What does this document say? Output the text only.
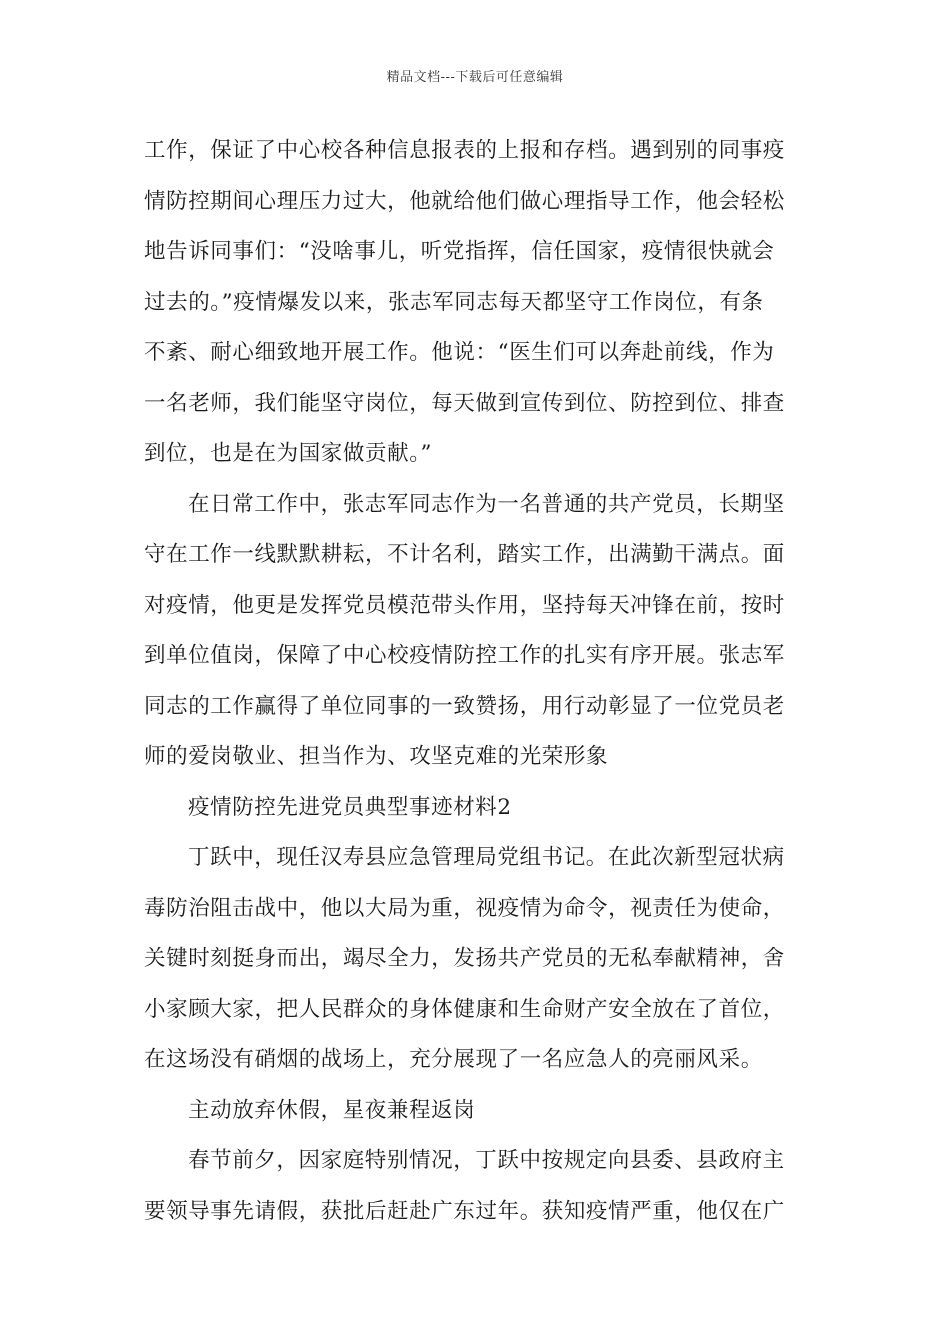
精品文档---下载后可任意编辑
工作，保证了中心校各种信息报表的上报和存档。遇到别的同事疫
情防控期间心理压力过大，他就给他们做心理指导工作，他会轻松
地告诉同事们：“没啥事儿，听党指挥，信任国家，疫情很快就会
过去的。”疫情爆发以来，张志军同志每天都坚守工作岗位，有条
不紊、耐心细致地开展工作。他说：“医生们可以奔赴前线，作为
一名老师，我们能坚守岗位，每天做到宣传到位、防控到位、排查
到位，也是在为国家做贡献。”
在日常工作中，张志军同志作为一名普通的共产党员，长期坚
守在工作一线默默耕耘，不计名利，踏实工作，出满勤干满点。面
对疫情，他更是发挥党员模范带头作用，坚持每天冲锋在前，按时
到单位值岗，保障了中心校疫情防控工作的扎实有序开展。张志军
同志的工作赢得了单位同事的一致赞扬，用行动彰显了一位党员老
师的爱岗敬业、担当作为、攻坚克难的光荣形象
疫情防控先进党员典型事迹材料2
丁跃中，现任汉寿县应急管理局党组书记。在此次新型冠状病
毒防治阻击战中，他以大局为重，视疫情为命令，视责任为使命，
关键时刻挺身而出，竭尽全力，发扬共产党员的无私奉献精神，舍
小家顾大家，把人民群众的身体健康和生命财产安全放在了首位，
在这场没有硝烟的战场上，充分展现了一名应急人的亮丽风采。
主动放弃休假，星夜兼程返岗
春节前夕，因家庭特别情况，丁跃中按规定向县委、县政府主
要领导事先请假，获批后赶赴广东过年。获知疫情严重，他仅在广
